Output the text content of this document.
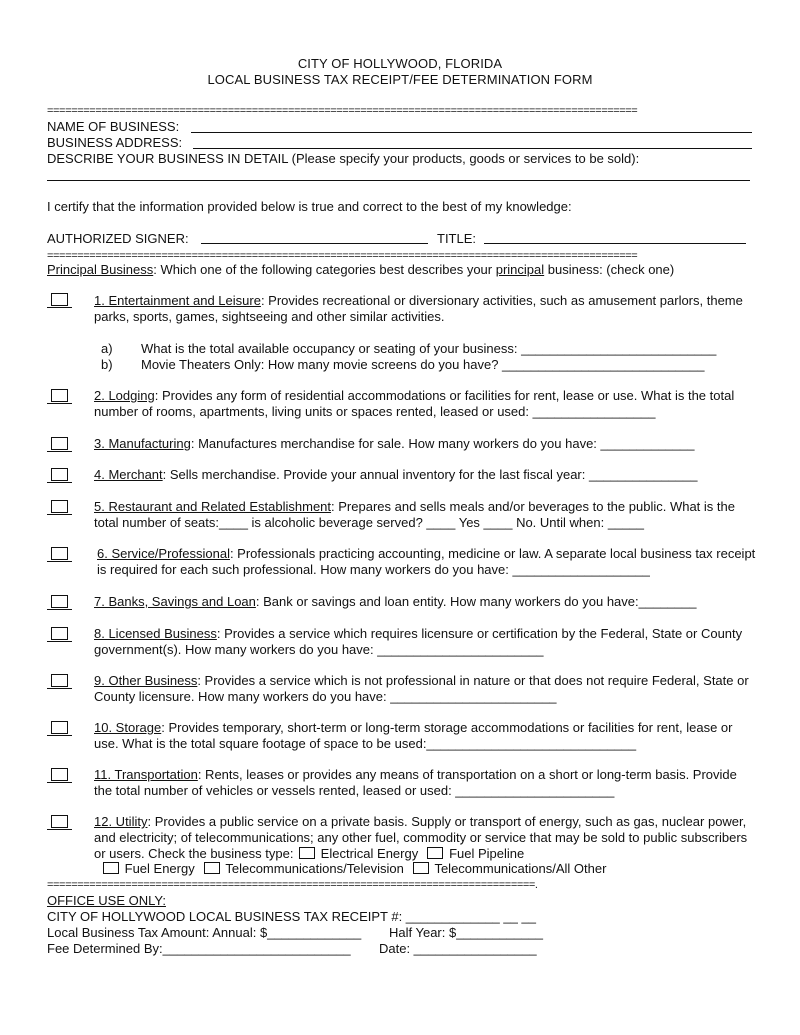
CITY OF HOLLYWOOD, FLORIDA
LOCAL BUSINESS TAX RECEIPT/FEE DETERMINATION FORM
==================================================================================================
NAME OF BUSINESS:
BUSINESS ADDRESS:
DESCRIBE YOUR BUSINESS IN DETAIL (Please specify your products, goods or services to be sold):
I certify that the information provided below is true and correct to the best of my knowledge:
AUTHORIZED SIGNER:	TITLE:
==================================================================================================
Principal Business: Which one of the following categories best describes your principal business: (check one)
1. Entertainment and Leisure: Provides recreational or diversionary activities, such as amusement parlors, theme parks, sports, games, sightseeing and other similar activities.
a) What is the total available occupancy or seating of your business: ___________________________
b) Movie Theaters Only: How many movie screens do you have? ____________________________
2. Lodging: Provides any form of residential accommodations or facilities for rent, lease or use. What is the total number of rooms, apartments, living units or spaces rented, leased or used: _________________
3. Manufacturing: Manufactures merchandise for sale. How many workers do you have: _____________
4. Merchant: Sells merchandise. Provide your annual inventory for the last fiscal year: _______________
5. Restaurant and Related Establishment: Prepares and sells meals and/or beverages to the public. What is the total number of seats:____ is alcoholic beverage served? ____ Yes ____ No. Until when: _____
6. Service/Professional: Professionals practicing accounting, medicine or law. A separate local business tax receipt is required for each such professional. How many workers do you have: ___________________
7. Banks, Savings and Loan: Bank or savings and loan entity. How many workers do you have:________
8. Licensed Business: Provides a service which requires licensure or certification by the Federal, State or County government(s). How many workers do you have: _______________________
9. Other Business: Provides a service which is not professional in nature or that does not require Federal, State or County licensure. How many workers do you have: _______________________
10. Storage: Provides temporary, short-term or long-term storage accommodations or facilities for rent, lease or use. What is the total square footage of space to be used:_____________________________
11. Transportation: Rents, leases or provides any means of transportation on a short or long-term basis. Provide the total number of vehicles or vessels rented, leased or used: ______________________
12. Utility: Provides a public service on a private basis. Supply or transport of energy, such as gas, nuclear power, and electricity; of telecommunications; any other fuel, commodity or service that may be sold to public subscribers or users. Check the business type:  Electrical Energy Fuel Pipeline
Fuel Energy Telecommunications/Television Telecommunications/All Other
=================================================================================.
OFFICE USE ONLY:
CITY OF HOLLYWOOD LOCAL BUSINESS TAX RECEIPT #: _____________ __ __
Local Business Tax Amount: Annual: $_____________ Half Year: $____________
Fee Determined By:__________________________ Date: _________________
